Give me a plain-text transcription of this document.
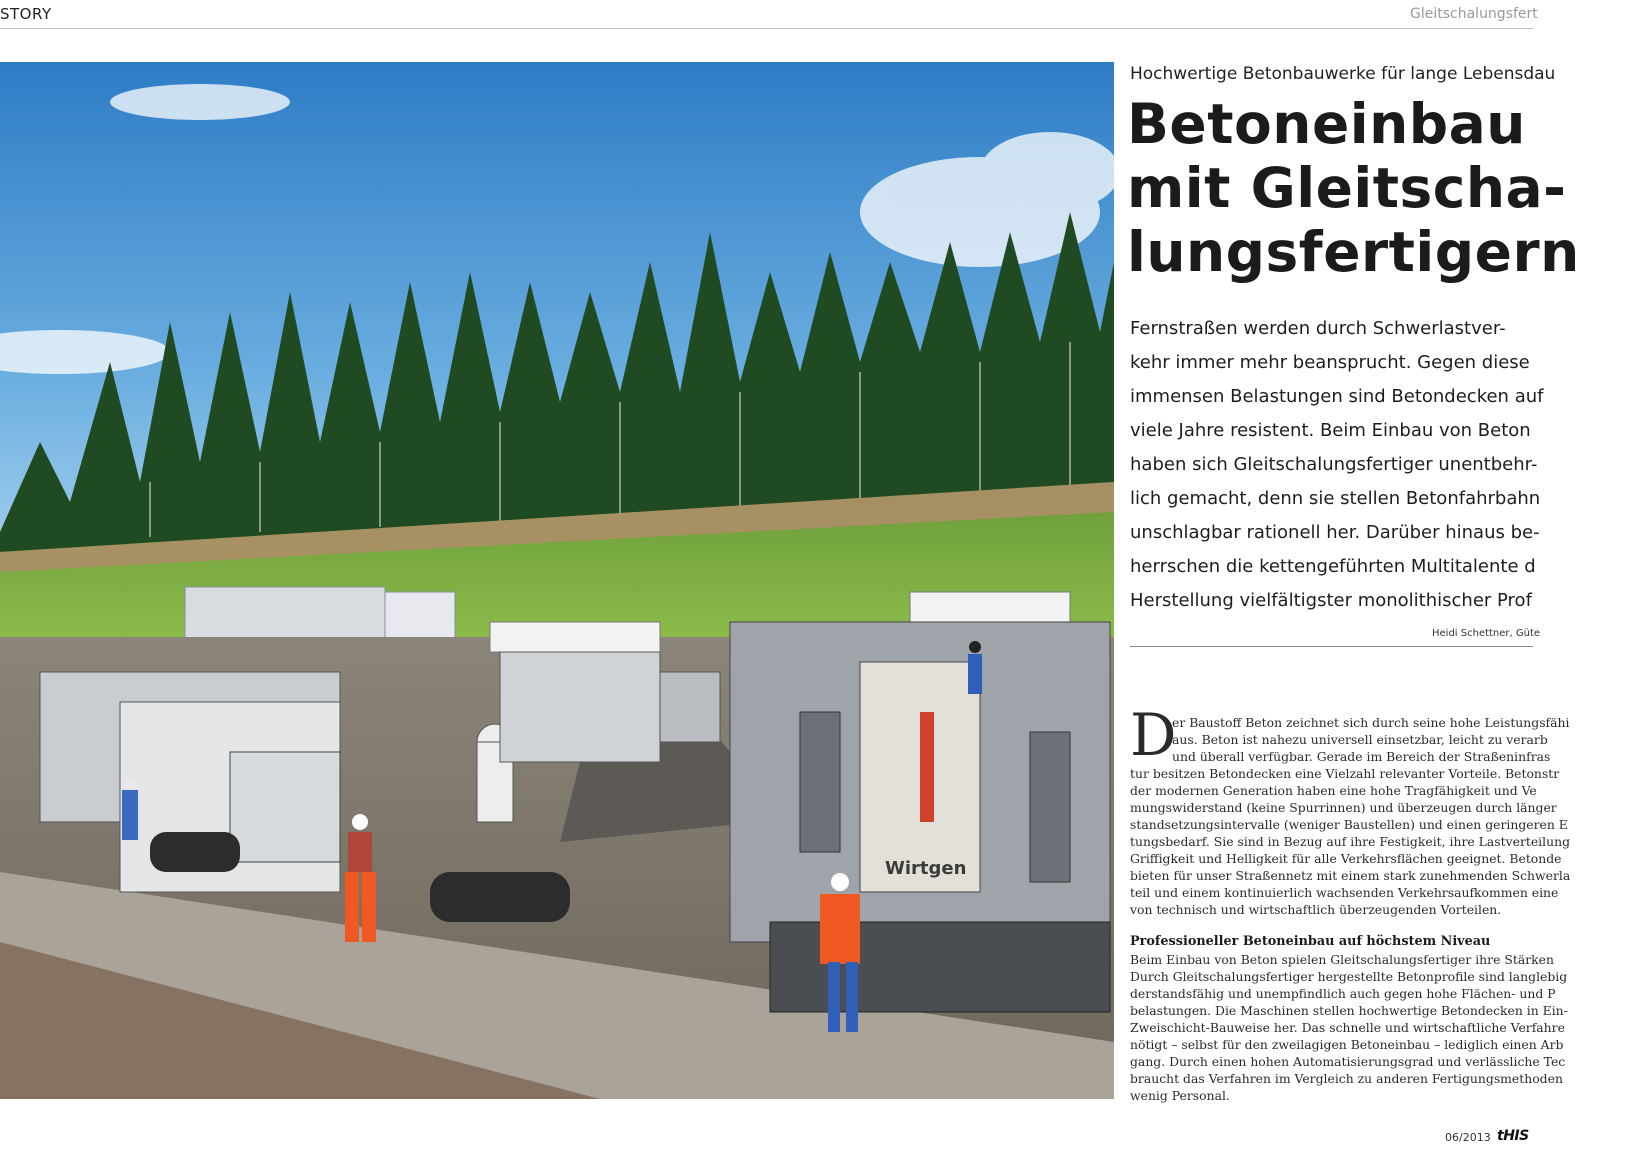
STORY	Gleitschalungsfert
Wirtgen
Hochwertige Betonbauwerke für lange Lebensdau
Betoneinbau
mit Gleitscha-
lungsfertigern
Fernstraßen werden durch Schwerlastver-
kehr immer mehr beansprucht. Gegen diese
immensen Belastungen sind Betondecken auf
viele Jahre resistent. Beim Einbau von Beton
haben sich Gleitschalungsfertiger unentbehr-
lich gemacht, denn sie stellen Betonfahrbahn
unschlagbar rationell her. Darüber hinaus be-
herrschen die kettengeführten Multitalente d
Herstellung vielfältigster monolithischer Prof
Heidi Schettner, Güte
D
er Baustoff Beton zeichnet sich durch seine hohe Leistungsfähi
aus. Beton ist nahezu universell einsetzbar, leicht zu verarb
und überall verfügbar. Gerade im Bereich der Straßeninfras
tur besitzen Betondecken eine Vielzahl relevanter Vorteile. Betonstr
der modernen Generation haben eine hohe Tragfähigkeit und Ve
mungswiderstand (keine Spurrinnen) und überzeugen durch länger
standsetzungsintervalle (weniger Baustellen) und einen geringeren E
tungsbedarf. Sie sind in Bezug auf ihre Festigkeit, ihre Lastverteilung
Griffigkeit und Helligkeit für alle Verkehrsflächen geeignet. Betonde
bieten für unser Straßennetz mit einem stark zunehmenden Schwerla
teil und einem kontinuierlich wachsenden Verkehrsaufkommen eine
von technisch und wirtschaftlich überzeugenden Vorteilen.
Professioneller Betoneinbau auf höchstem Niveau
Beim Einbau von Beton spielen Gleitschalungsfertiger ihre Stärken
Durch Gleitschalungsfertiger hergestellte Betonprofile sind langlebig
derstandsfähig und unempfindlich auch gegen hohe Flächen- und P
belastungen. Die Maschinen stellen hochwertige Betondecken in Ein-
Zweischicht-Bauweise her. Das schnelle und wirtschaftliche Verfahre
nötigt – selbst für den zweilagigen Betoneinbau – lediglich einen Arb
gang. Durch einen hohen Automatisierungsgrad und verlässliche Tec
braucht das Verfahren im Vergleich zu anderen Fertigungsmethoden
wenig Personal.
06/2013 tHIS
